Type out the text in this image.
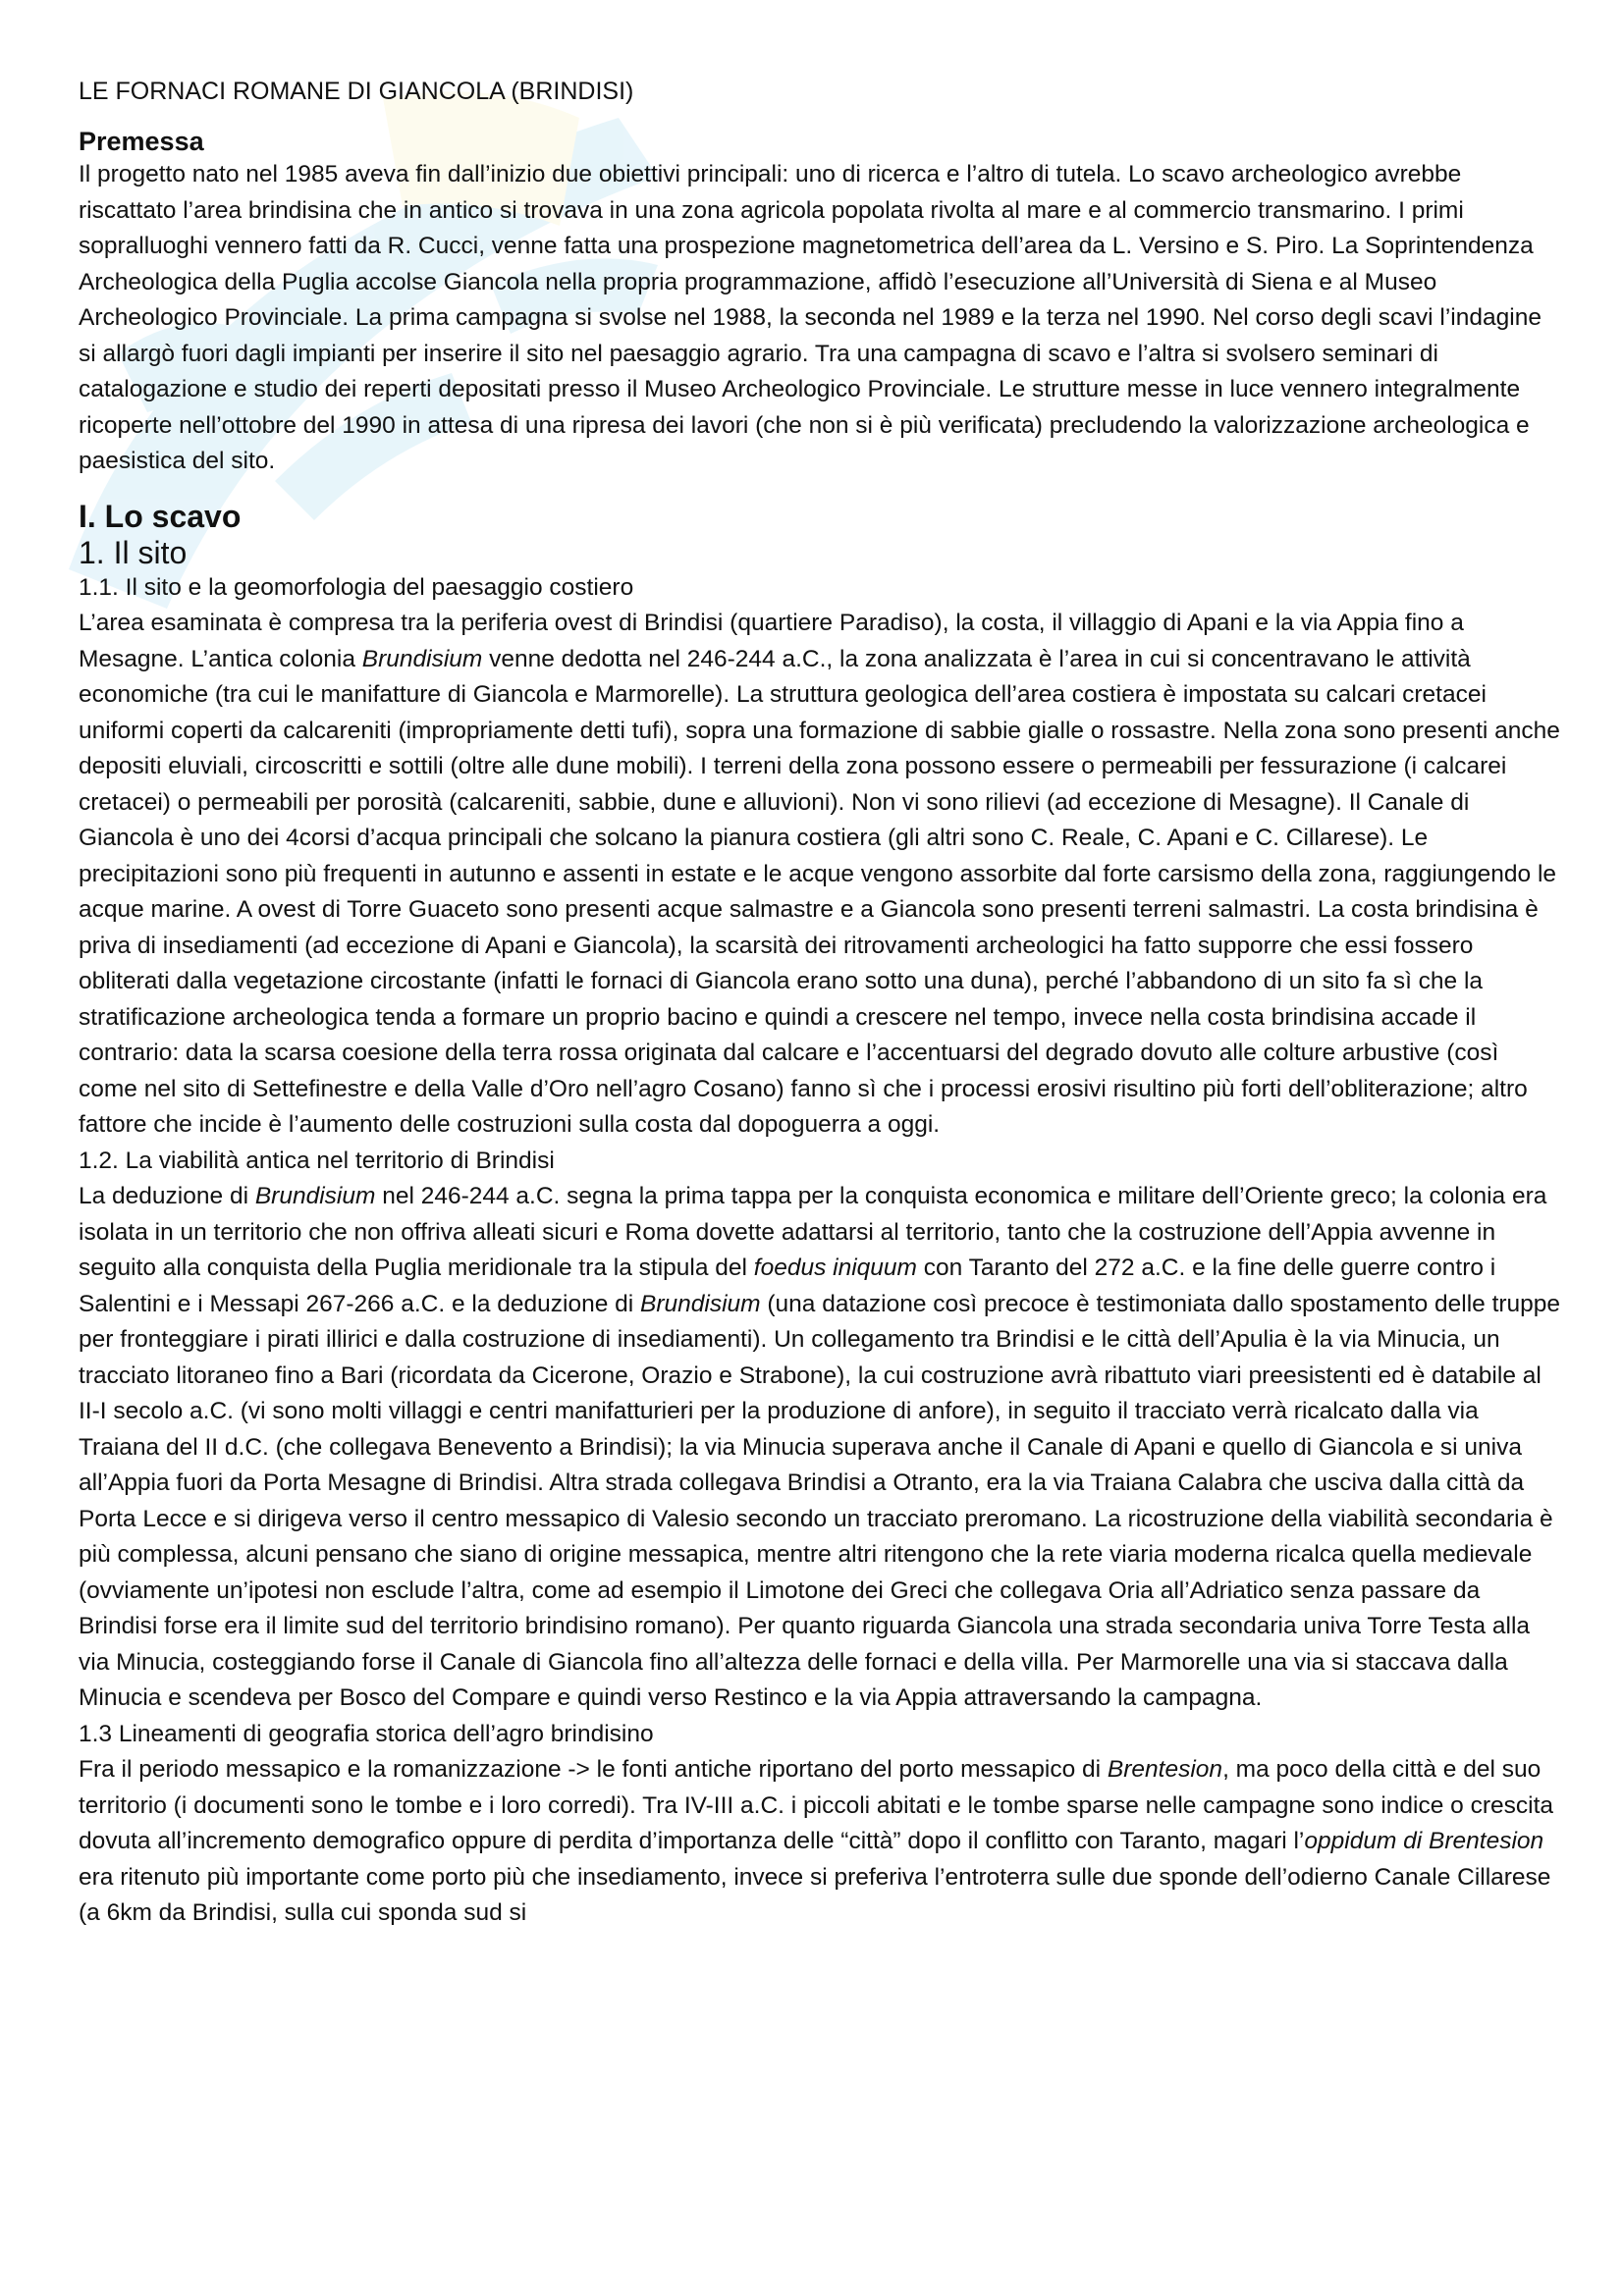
LE FORNACI ROMANE DI GIANCOLA (BRINDISI)
Premessa

Il progetto nato nel 1985 aveva fin dall’inizio due obiettivi principali: uno di ricerca e l’altro di tutela. Lo scavo archeologico avrebbe riscattato l’area brindisina che in antico si trovava in una zona agricola popolata rivolta al mare e al commercio transmarino. I primi sopralluoghi vennero fatti da R. Cucci, venne fatta una prospezione magnetometrica dell’area da L. Versino e S. Piro. La Soprintendenza Archeologica della Puglia accolse Giancola nella propria programmazione, affidò l’esecuzione all’Università di Siena e al Museo Archeologico Provinciale. La prima campagna si svolse nel 1988, la seconda nel 1989 e la terza nel 1990. Nel corso degli scavi l’indagine si allargò fuori dagli impianti per inserire il sito nel paesaggio agrario. Tra una campagna di scavo e l’altra si svolsero seminari di catalogazione e studio dei reperti depositati presso il Museo Archeologico Provinciale. Le strutture messe in luce vennero integralmente ricoperte nell’ottobre del 1990 in attesa di una ripresa dei lavori (che non si è più verificata) precludendo la valorizzazione archeologica e paesistica del sito.

I. Lo scavo
1. Il sito
1.1. Il sito e la geomorfologia del paesaggio costiero

L’area esaminata è compresa tra la periferia ovest di Brindisi (quartiere Paradiso), la costa, il villaggio di Apani e la via Appia fino a Mesagne. L’antica colonia Brundisium venne dedotta nel 246-244 a.C., la zona analizzata è l’area in cui si concentravano le attività economiche (tra cui le manifatture di Giancola e Marmorelle). La struttura geologica dell’area costiera è impostata su calcari cretacei uniformi coperti da calcareniti (impropriamente detti tufi), sopra una formazione di sabbie gialle o rossastre. Nella zona sono presenti anche depositi eluviali, circoscritti e sottili (oltre alle dune mobili). I terreni della zona possono essere o permeabili per fessurazione (i calcarei cretacei) o permeabili per porosità (calcareniti, sabbie, dune e alluvioni). Non vi sono rilievi (ad eccezione di Mesagne). Il Canale di Giancola è uno dei 4corsi d’acqua principali che solcano la pianura costiera (gli altri sono C. Reale, C. Apani e C. Cillarese). Le precipitazioni sono più frequenti in autunno e assenti in estate e le acque vengono assorbite dal forte carsismo della zona, raggiungendo le acque marine. A ovest di Torre Guaceto sono presenti acque salmastre e a Giancola sono presenti terreni salmastri. La costa brindisina è priva di insediamenti (ad eccezione di Apani e Giancola), la scarsità dei ritrovamenti archeologici ha fatto supporre che essi fossero obliterati dalla vegetazione circostante (infatti le fornaci di Giancola erano sotto una duna), perché l’abbandono di un sito fa sì che la stratificazione archeologica tenda a formare un proprio bacino e quindi a crescere nel tempo, invece nella costa brindisina accade il contrario: data la scarsa coesione della terra rossa originata dal calcare e l’accentuarsi del degrado dovuto alle colture arbustive (così come nel sito di Settefinestre e della Valle d’Oro nell’agro Cosano) fanno sì che i processi erosivi risultino più forti dell’obliterazione; altro fattore che incide è l’aumento delle costruzioni sulla costa dal dopoguerra a oggi.

1.2. La viabilità antica nel territorio di Brindisi

La deduzione di Brundisium nel 246-244 a.C. segna la prima tappa per la conquista economica e militare dell’Oriente greco; la colonia era isolata in un territorio che non offriva alleati sicuri e Roma dovette adattarsi al territorio, tanto che la costruzione dell’Appia avvenne in seguito alla conquista della Puglia meridionale tra la stipula del foedus iniquum con Taranto del 272 a.C. e la fine delle guerre contro i Salentini e i Messapi 267-266 a.C. e la deduzione di Brundisium (una datazione così precoce è testimoniata dallo spostamento delle truppe per fronteggiare i pirati illirici e dalla costruzione di insediamenti). Un collegamento tra Brindisi e le città dell’Apulia è la via Minucia, un tracciato litoraneo fino a Bari (ricordata da Cicerone, Orazio e Strabone), la cui costruzione avrà ribattuto viari preesistenti ed è databile al II-I secolo a.C. (vi sono molti villaggi e centri manifatturieri per la produzione di anfore), in seguito il tracciato verrà ricalcato dalla via Traiana del II d.C. (che collegava Benevento a Brindisi); la via Minucia superava anche il Canale di Apani e quello di Giancola e si univa all’Appia fuori da Porta Mesagne di Brindisi. Altra strada collegava Brindisi a Otranto, era la via Traiana Calabra che usciva dalla città da Porta Lecce e si dirigeva verso il centro messapico di Valesio secondo un tracciato preromano. La ricostruzione della viabilità secondaria è più complessa, alcuni pensano che siano di origine messapica, mentre altri ritengono che la rete viaria moderna ricalca quella medievale (ovviamente un’ipotesi non esclude l’altra, come ad esempio il Limotone dei Greci che collegava Oria all’Adriatico senza passare da Brindisi forse era il limite sud del territorio brindisino romano). Per quanto riguarda Giancola una strada secondaria univa Torre Testa alla via Minucia, costeggiando forse il Canale di Giancola fino all’altezza delle fornaci e della villa. Per Marmorelle una via si staccava dalla Minucia e scendeva per Bosco del Compare e quindi verso Restinco e la via Appia attraversando la campagna.

1.3 Lineamenti di geografia storica dell’agro brindisino

Fra il periodo messapico e la romanizzazione -> le fonti antiche riportano del porto messapico di Brentesion, ma poco della città e del suo territorio (i documenti sono le tombe e i loro corredi). Tra IV-III a.C. i piccoli abitati e le tombe sparse nelle campagne sono indice o crescita dovuta all’incremento demografico oppure di perdita d’importanza delle “città” dopo il conflitto con Taranto, magari l’oppidum di Brentesion era ritenuto più importante come porto più che insediamento, invece si preferiva l’entroterra sulle due sponde dell’odierno Canale Cillarese (a 6km da Brindisi, sulla cui sponda sud si
